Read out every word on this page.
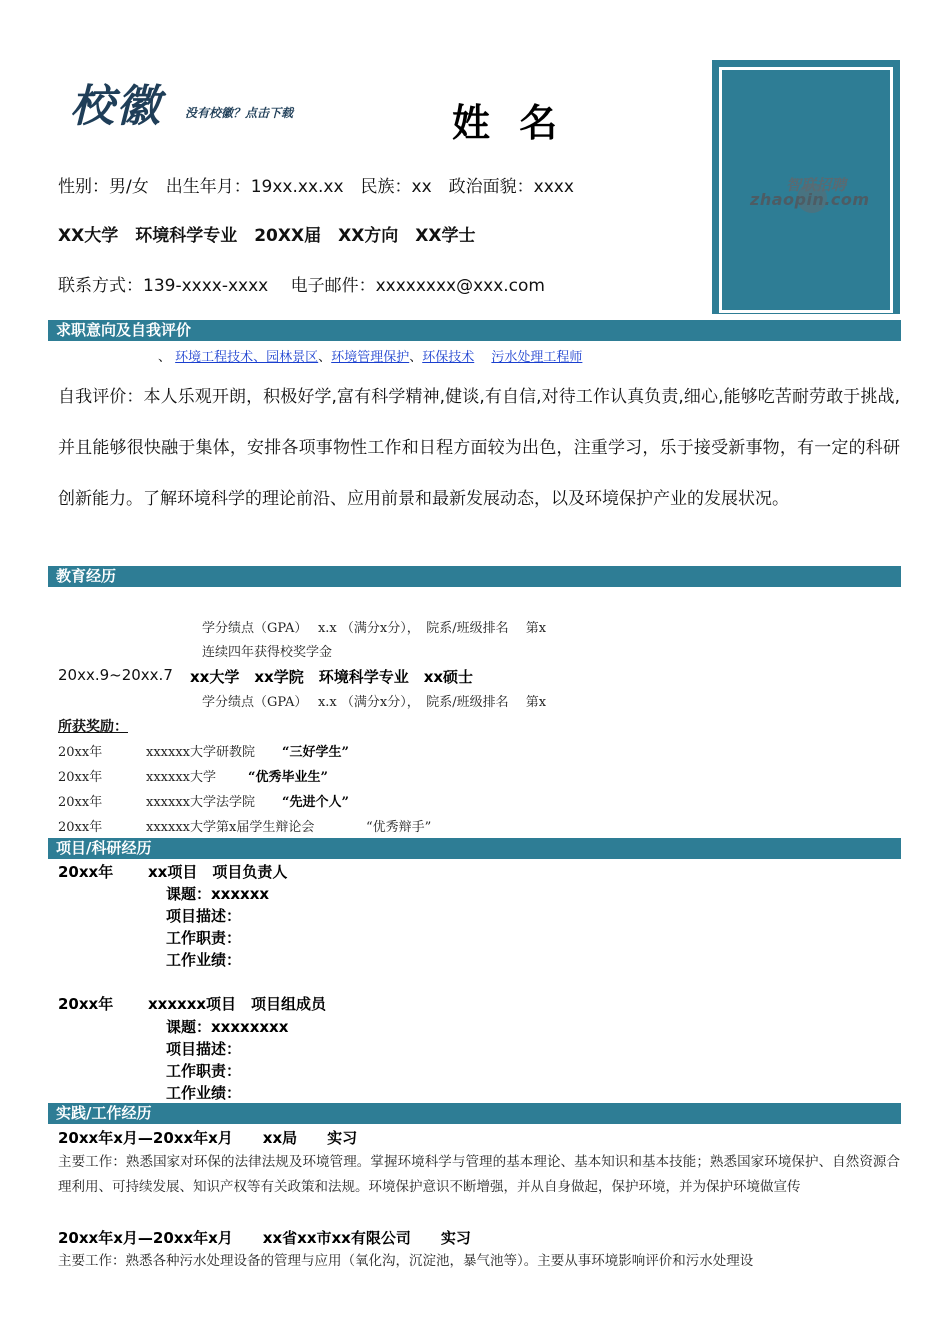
校徽 没有校徽？点击下载	姓 名
智联招聘
zhaopin.com
性别：男/女　出生年月：19xx.xx.xx　民族：xx　政治面貌：xxxx
XX大学　环境科学专业　20XX届　XX方向　XX学士
联系方式：139-xxxx-xxxx　 电子邮件：xxxxxxxx@xxx.com
求职意向及自我评价
、 环境工程技术、园林景区、环境管理保护、环保技术　 污水处理工程师
自我评价：本人乐观开朗，积极好学,富有科学精神,健谈,有自信,对待工作认真负责,细心,能够吃苦耐劳敢于挑战,并且能够很快融于集体，安排各项事物性工作和日程方面较为出色，注重学习，乐于接受新事物，有一定的科研创新能力。了解环境科学的理论前沿、应用前景和最新发展动态，以及环境保护产业的发展状况。
教育经历
学分绩点（GPA）　 x.x （满分x分），　院系/班级排名　 第x
连续四年获得校奖学金
20xx.9~20xx.7 xx大学　xx学院　环境科学专业　xx硕士
学分绩点（GPA）　 x.x （满分x分），　院系/班级排名　 第x
所获奖励：
20xx年	xxxxxx大学研教院 “三好学生”
20xx年	xxxxxx大学 “优秀毕业生”
20xx年	xxxxxx大学法学院 “先进个人”
20xx年	xxxxxx大学第x届学生辩论会	“优秀辩手”
项目/科研经历
20xx年 xx项目　项目负责人
课题：xxxxxx
项目描述：
工作职责：
工作业绩：
20xx年 xxxxxx项目　项目组成员
课题：xxxxxxxx
项目描述：
工作职责：
工作业绩：
实践/工作经历
20xx年x月—20xx年x月　　xx局　　实习
主要工作：熟悉国家对环保的法律法规及环境管理。掌握环境科学与管理的基本理论、基本知识和基本技能；熟悉国家环境保护、自然资源合理利用、可持续发展、知识产权等有关政策和法规。环境保护意识不断增强，并从自身做起，保护环境，并为保护环境做宣传
20xx年x月—20xx年x月　　xx省xx市xx有限公司　　实习
主要工作：熟悉各种污水处理设备的管理与应用（氧化沟，沉淀池，暴气池等）。主要从事环境影响评价和污水处理设
